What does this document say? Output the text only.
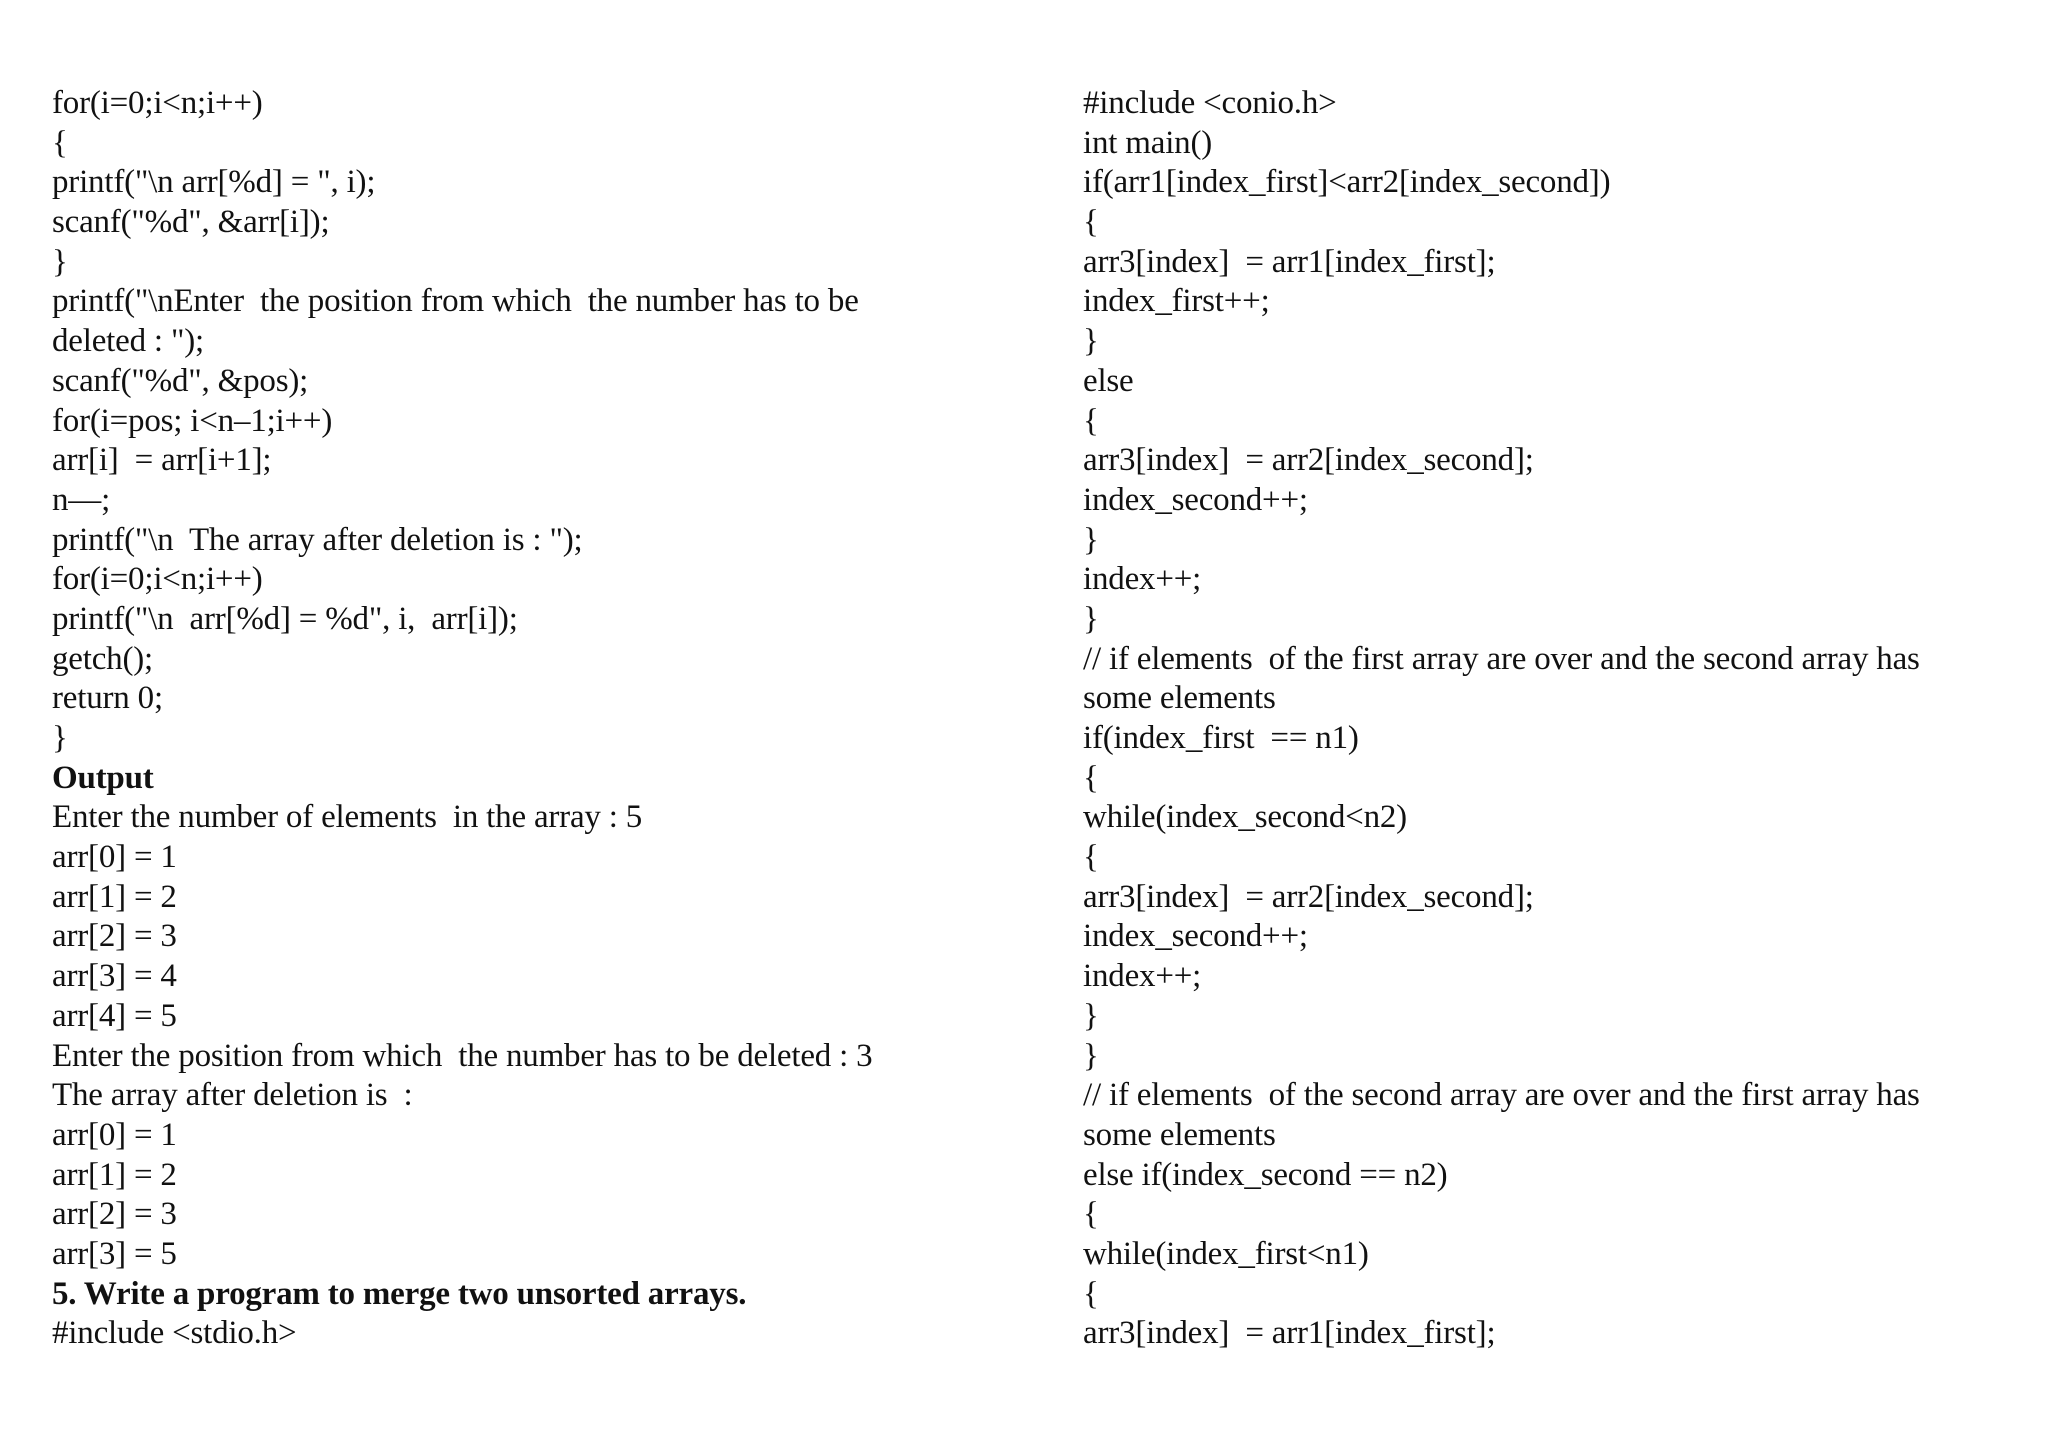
for(i=0;i<n;i++)
{
printf("\n arr[%d] = ", i);
scanf("%d", &arr[i]);
}
printf("\nEnter  the position from which  the number has to be
deleted : ");
scanf("%d", &pos);
for(i=pos; i<n–1;i++)
arr[i]  = arr[i+1];
n—;
printf("\n  The array after deletion is : ");
for(i=0;i<n;i++)
printf("\n  arr[%d] = %d", i,  arr[i]);
getch();
return 0;
}
Output
Enter the number of elements  in the array : 5
arr[0] = 1
arr[1] = 2
arr[2] = 3
arr[3] = 4
arr[4] = 5
Enter the position from which  the number has to be deleted : 3
The array after deletion is  :
arr[0] = 1
arr[1] = 2
arr[2] = 3
arr[3] = 5
5. Write a program to merge two unsorted arrays.
#include <stdio.h>
#include <conio.h>
int main()
if(arr1[index_first]<arr2[index_second])
{
arr3[index]  = arr1[index_first];
index_first++;
}
else
{
arr3[index]  = arr2[index_second];
index_second++;
}
index++;
}
// if elements  of the first array are over and the second array has
some elements
if(index_first  == n1)
{
while(index_second<n2)
{
arr3[index]  = arr2[index_second];
index_second++;
index++;
}
}
// if elements  of the second array are over and the first array has
some elements
else if(index_second == n2)
{
while(index_first<n1)
{
arr3[index]  = arr1[index_first];
